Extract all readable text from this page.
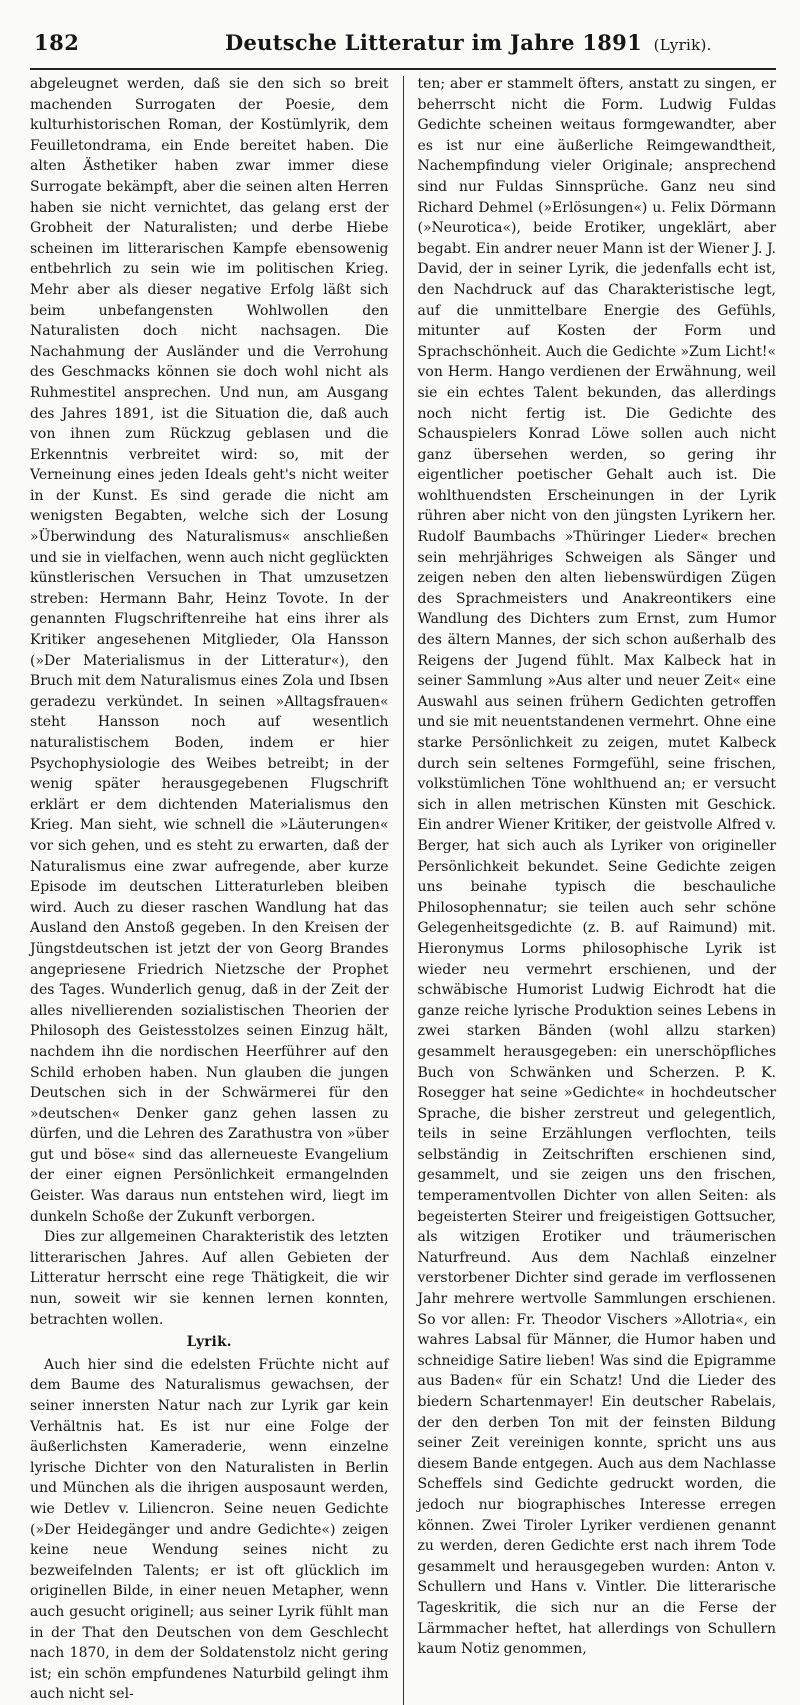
182	Deutsche Litteratur im Jahre 1891 (Lyrik).

abgeleugnet werden, daß sie den sich so breit machenden Surrogaten der Poesie, dem kulturhistorischen Roman, der Kostümlyrik, dem Feuilletondrama, ein Ende bereitet haben. Die alten Ästhetiker haben zwar immer diese Surrogate bekämpft, aber die seinen alten Herren haben sie nicht vernichtet, das gelang erst der Grobheit der Naturalisten; und derbe Hiebe scheinen im litterarischen Kampfe ebensowenig entbehrlich zu sein wie im politischen Krieg. Mehr aber als dieser negative Erfolg läßt sich beim unbefangensten Wohlwollen den Naturalisten doch nicht nachsagen. Die Nachahmung der Ausländer und die Verrohung des Geschmacks können sie doch wohl nicht als Ruhmestitel ansprechen. Und nun, am Ausgang des Jahres 1891, ist die Situation die, daß auch von ihnen zum Rückzug geblasen und die Erkenntnis verbreitet wird: so, mit der Verneinung eines jeden Ideals geht's nicht weiter in der Kunst. Es sind gerade die nicht am wenigsten Begabten, welche sich der Losung »Überwindung des Naturalismus« anschließen und sie in vielfachen, wenn auch nicht geglückten künstlerischen Versuchen in That umzusetzen streben: Hermann Bahr, Heinz Tovote. In der genannten Flugschriftenreihe hat eins ihrer als Kritiker angesehenen Mitglieder, Ola Hansson (»Der Materialismus in der Litteratur«), den Bruch mit dem Naturalismus eines Zola und Ibsen geradezu verkündet. In seinen »Alltagsfrauen« steht Hansson noch auf wesentlich naturalistischem Boden, indem er hier Psychophysiologie des Weibes betreibt; in der wenig später herausgegebenen Flugschrift erklärt er dem dichtenden Materialismus den Krieg. Man sieht, wie schnell die »Läuterungen« vor sich gehen, und es steht zu erwarten, daß der Naturalismus eine zwar aufregende, aber kurze Episode im deutschen Litteraturleben bleiben wird. Auch zu dieser raschen Wandlung hat das Ausland den Anstoß gegeben. In den Kreisen der Jüngstdeutschen ist jetzt der von Georg Brandes angepriesene Friedrich Nietzsche der Prophet des Tages. Wunderlich genug, daß in der Zeit der alles nivellierenden sozialistischen Theorien der Philosoph des Geistesstolzes seinen Einzug hält, nachdem ihn die nordischen Heerführer auf den Schild erhoben haben. Nun glauben die jungen Deutschen sich in der Schwärmerei für den »deutschen« Denker ganz gehen lassen zu dürfen, und die Lehren des Zarathustra von »über gut und böse« sind das allerneueste Evangelium der einer eignen Persönlichkeit ermangelnden Geister. Was daraus nun entstehen wird, liegt im dunkeln Schoße der Zukunft verborgen.

Dies zur allgemeinen Charakteristik des letzten litterarischen Jahres. Auf allen Gebieten der Litteratur herrscht eine rege Thätigkeit, die wir nun, soweit wir sie kennen lernen konnten, betrachten wollen.

Lyrik.

Auch hier sind die edelsten Früchte nicht auf dem Baume des Naturalismus gewachsen, der seiner innersten Natur nach zur Lyrik gar kein Verhältnis hat. Es ist nur eine Folge der äußerlichsten Kameraderie, wenn einzelne lyrische Dichter von den Naturalisten in Berlin und München als die ihrigen ausposaunt werden, wie Detlev v. Liliencron. Seine neuen Gedichte (»Der Heidegänger und andre Gedichte«) zeigen keine neue Wendung seines nicht zu bezweifelnden Talents; er ist oft glücklich im originellen Bilde, in einer neuen Metapher, wenn auch gesucht originell; aus seiner Lyrik fühlt man in der That den Deutschen von dem Geschlecht nach 1870, in dem der Soldatenstolz nicht gering ist; ein schön empfundenes Naturbild gelingt ihm auch nicht sel-

ten; aber er stammelt öfters, anstatt zu singen, er beherrscht nicht die Form. Ludwig Fuldas Gedichte scheinen weitaus formgewandter, aber es ist nur eine äußerliche Reimgewandtheit, Nachempfindung vieler Originale; ansprechend sind nur Fuldas Sinnsprüche. Ganz neu sind Richard Dehmel (»Erlösungen«) u. Felix Dörmann (»Neurotica«), beide Erotiker, ungeklärt, aber begabt. Ein andrer neuer Mann ist der Wiener J. J. David, der in seiner Lyrik, die jedenfalls echt ist, den Nachdruck auf das Charakteristische legt, auf die unmittelbare Energie des Gefühls, mitunter auf Kosten der Form und Sprachschönheit. Auch die Gedichte »Zum Licht!« von Herm. Hango verdienen der Erwähnung, weil sie ein echtes Talent bekunden, das allerdings noch nicht fertig ist. Die Gedichte des Schauspielers Konrad Löwe sollen auch nicht ganz übersehen werden, so gering ihr eigentlicher poetischer Gehalt auch ist. Die wohlthuendsten Erscheinungen in der Lyrik rühren aber nicht von den jüngsten Lyrikern her. Rudolf Baumbachs »Thüringer Lieder« brechen sein mehrjähriges Schweigen als Sänger und zeigen neben den alten liebenswürdigen Zügen des Sprachmeisters und Anakreontikers eine Wandlung des Dichters zum Ernst, zum Humor des ältern Mannes, der sich schon außerhalb des Reigens der Jugend fühlt. Max Kalbeck hat in seiner Sammlung »Aus alter und neuer Zeit« eine Auswahl aus seinen frühern Gedichten getroffen und sie mit neuentstandenen vermehrt. Ohne eine starke Persönlichkeit zu zeigen, mutet Kalbeck durch sein seltenes Formgefühl, seine frischen, volkstümlichen Töne wohlthuend an; er versucht sich in allen metrischen Künsten mit Geschick. Ein andrer Wiener Kritiker, der geistvolle Alfred v. Berger, hat sich auch als Lyriker von origineller Persönlichkeit bekundet. Seine Gedichte zeigen uns beinahe typisch die beschauliche Philosophennatur; sie teilen auch sehr schöne Gelegenheitsgedichte (z. B. auf Raimund) mit. Hieronymus Lorms philosophische Lyrik ist wieder neu vermehrt erschienen, und der schwäbische Humorist Ludwig Eichrodt hat die ganze reiche lyrische Produktion seines Lebens in zwei starken Bänden (wohl allzu starken) gesammelt herausgegeben: ein unerschöpfliches Buch von Schwänken und Scherzen. P. K. Rosegger hat seine »Gedichte« in hochdeutscher Sprache, die bisher zerstreut und gelegentlich, teils in seine Erzählungen verflochten, teils selbständig in Zeitschriften erschienen sind, gesammelt, und sie zeigen uns den frischen, temperamentvollen Dichter von allen Seiten: als begeisterten Steirer und freigeistigen Gottsucher, als witzigen Erotiker und träumerischen Naturfreund. Aus dem Nachlaß einzelner verstorbener Dichter sind gerade im verflossenen Jahr mehrere wertvolle Sammlungen erschienen. So vor allen: Fr. Theodor Vischers »Allotria«, ein wahres Labsal für Männer, die Humor haben und schneidige Satire lieben! Was sind die Epigramme aus Baden« für ein Schatz! Und die Lieder des biedern Schartenmayer! Ein deutscher Rabelais, der den derben Ton mit der feinsten Bildung seiner Zeit vereinigen konnte, spricht uns aus diesem Bande entgegen. Auch aus dem Nachlasse Scheffels sind Gedichte gedruckt worden, die jedoch nur biographisches Interesse erregen können. Zwei Tiroler Lyriker verdienen genannt zu werden, deren Gedichte erst nach ihrem Tode gesammelt und herausgegeben wurden: Anton v. Schullern und Hans v. Vintler. Die litterarische Tageskritik, die sich nur an die Ferse der Lärmmacher heftet, hat allerdings von Schullern kaum Notiz genommen,
